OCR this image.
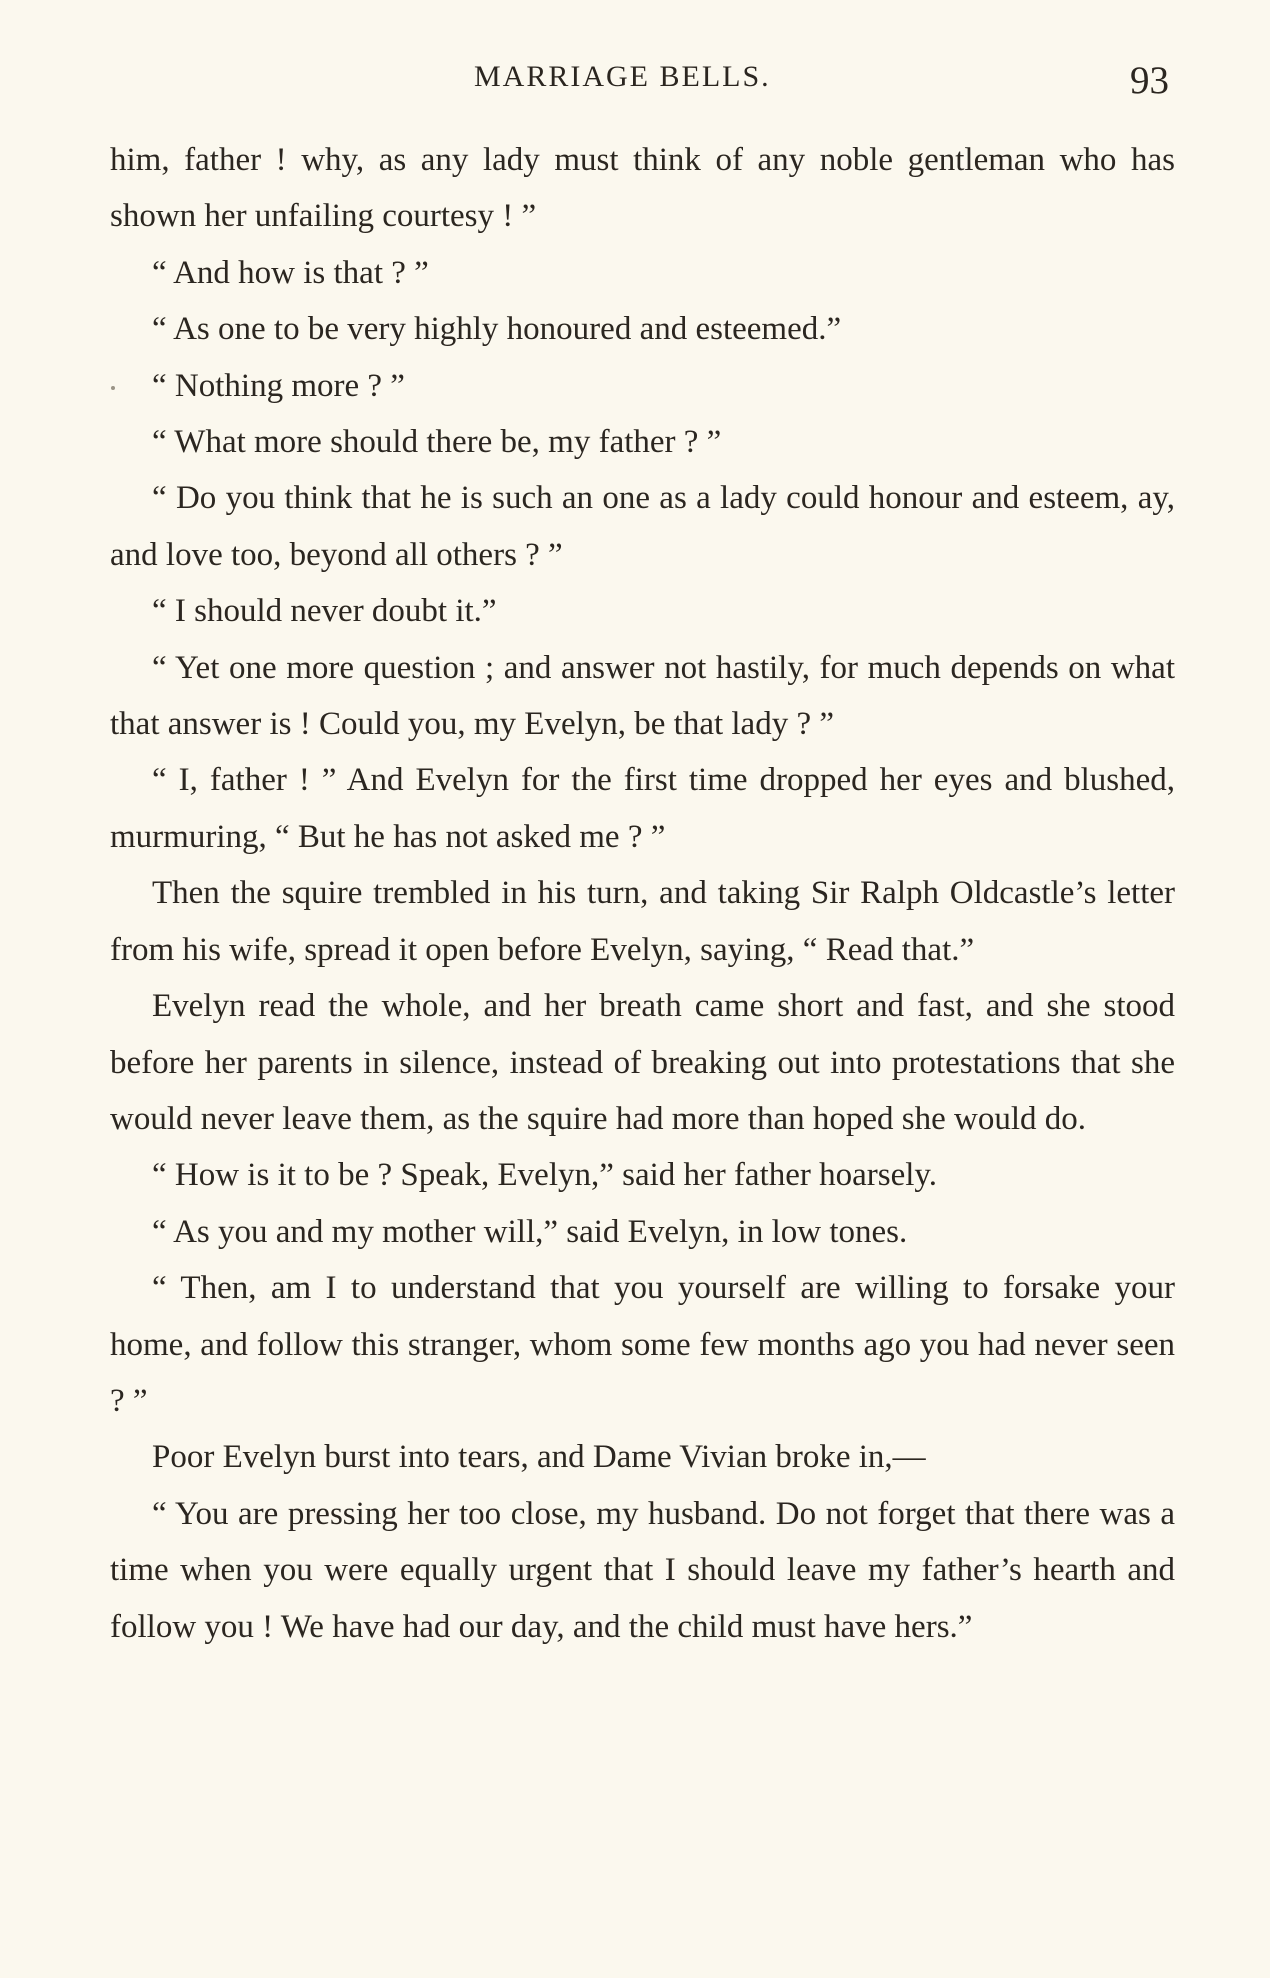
MARRIAGE BELLS.	93

him, father ! why, as any lady must think of any noble gentleman who has shown her unfailing courtesy ! ”

“ And how is that ? ”

“ As one to be very highly honoured and esteemed.”

“ Nothing more ? ”

“ What more should there be, my father ? ”

“ Do you think that he is such an one as a lady could honour and esteem, ay, and love too, beyond all others ? ”

“ I should never doubt it.”

“ Yet one more question ; and answer not hastily, for much depends on what that answer is ! Could you, my Evelyn, be that lady ? ”

“ I, father ! ” And Evelyn for the first time dropped her eyes and blushed, murmuring, “ But he has not asked me ? ”

Then the squire trembled in his turn, and taking Sir Ralph Oldcastle’s letter from his wife, spread it open before Evelyn, saying, “ Read that.”

Evelyn read the whole, and her breath came short and fast, and she stood before her parents in silence, instead of breaking out into protestations that she would never leave them, as the squire had more than hoped she would do.

“ How is it to be ? Speak, Evelyn,” said her father hoarsely.

“ As you and my mother will,” said Evelyn, in low tones.

“ Then, am I to understand that you yourself are willing to forsake your home, and follow this stranger, whom some few months ago you had never seen ? ”

Poor Evelyn burst into tears, and Dame Vivian broke in,—

“ You are pressing her too close, my husband. Do not forget that there was a time when you were equally urgent that I should leave my father’s hearth and follow you ! We have had our day, and the child must have hers.”
